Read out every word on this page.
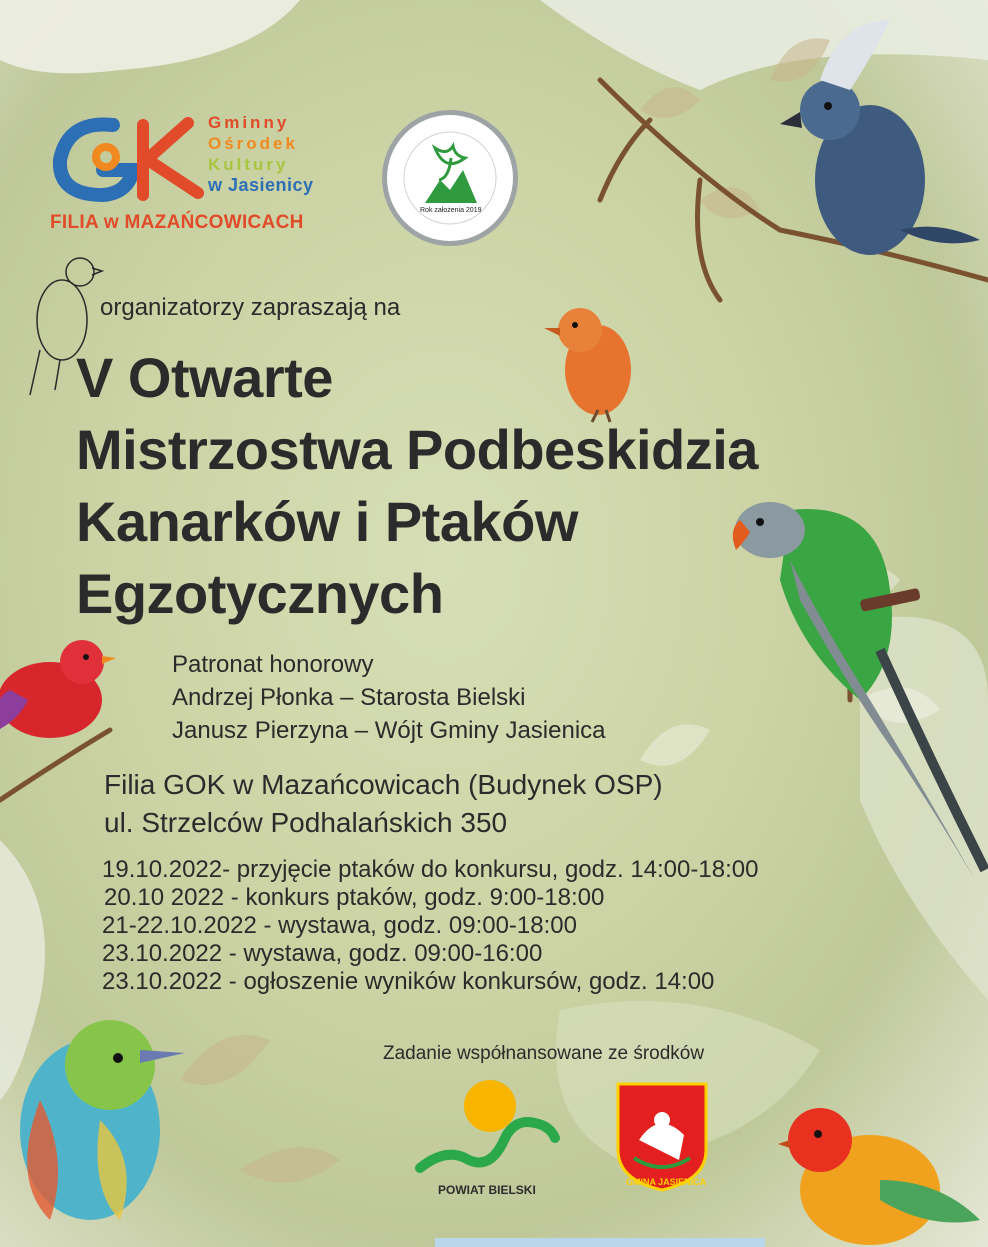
Gminny
Ośrodek
Kultury
w Jasienicy
FILIA w MAZAŃCOWICACH
Rok założenia 2019
organizatorzy zapraszają na
V Otwarte
Mistrzostwa Podbeskidzia
Kanarków i Ptaków
Egzotycznych
Patronat honorowy
Andrzej Płonka – Starosta Bielski
Janusz Pierzyna – Wójt Gminy Jasienica
Filia GOK w Mazańcowicach (Budynek OSP)
ul. Strzelców Podhalańskich 350
19.10.2022- przyjęcie ptaków do konkursu, godz. 14:00-18:00
20.10 2022 - konkurs ptaków, godz. 9:00-18:00
21-22.10.2022 - wystawa, godz. 09:00-18:00
23.10.2022 - wystawa, godz. 09:00-16:00
23.10.2022 - ogłoszenie wyników konkursów, godz. 14:00
Zadanie współnansowane ze środków
POWIAT BIELSKI
GMINA JASIENICA
